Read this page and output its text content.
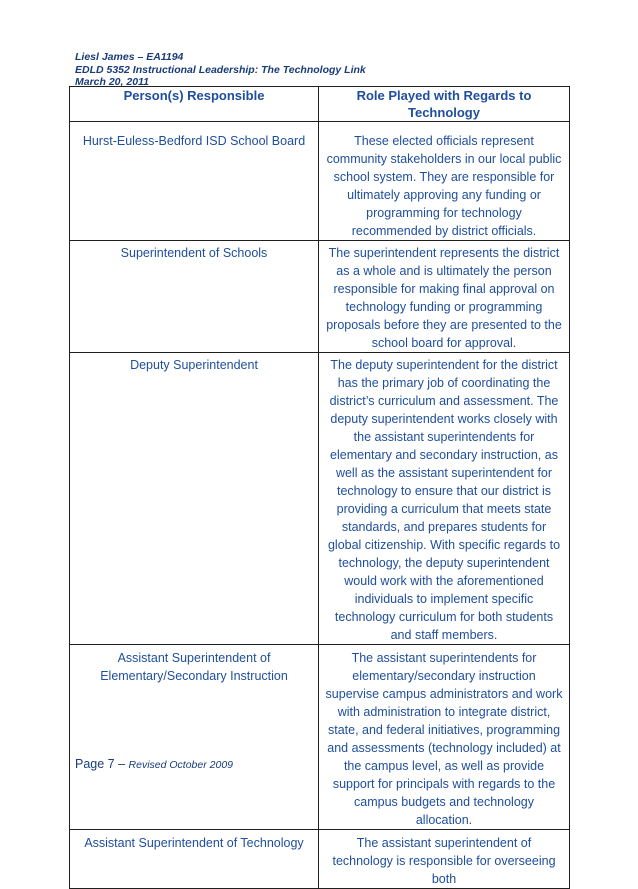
Liesl James – EA1194
EDLD 5352 Instructional Leadership: The Technology Link
March 20, 2011
Person(s) Responsible	Role Played with Regards to Technology
Hurst-Euless-Bedford ISD School Board	These elected officials represent community stakeholders in our local public school system. They are responsible for ultimately approving any funding or programming for technology recommended by district officials.
Superintendent of Schools	The superintendent represents the district as a whole and is ultimately the person responsible for making final approval on technology funding or programming proposals before they are presented to the school board for approval.
Deputy Superintendent	The deputy superintendent for the district has the primary job of coordinating the district’s curriculum and assessment. The deputy superintendent works closely with the assistant superintendents for elementary and secondary instruction, as well as the assistant superintendent for technology to ensure that our district is providing a curriculum that meets state standards, and prepares students for global citizenship. With specific regards to technology, the deputy superintendent would work with the aforementioned individuals to implement specific technology curriculum for both students and staff members.
Assistant Superintendent of Elementary/Secondary Instruction	The assistant superintendents for elementary/secondary instruction supervise campus administrators and work with administration to integrate district, state, and federal initiatives, programming and assessments (technology included) at the campus level, as well as provide support for principals with regards to the campus budgets and technology allocation.
Assistant Superintendent of Technology	The assistant superintendent of technology is responsible for overseeing both
Page 7 – Revised October 2009
